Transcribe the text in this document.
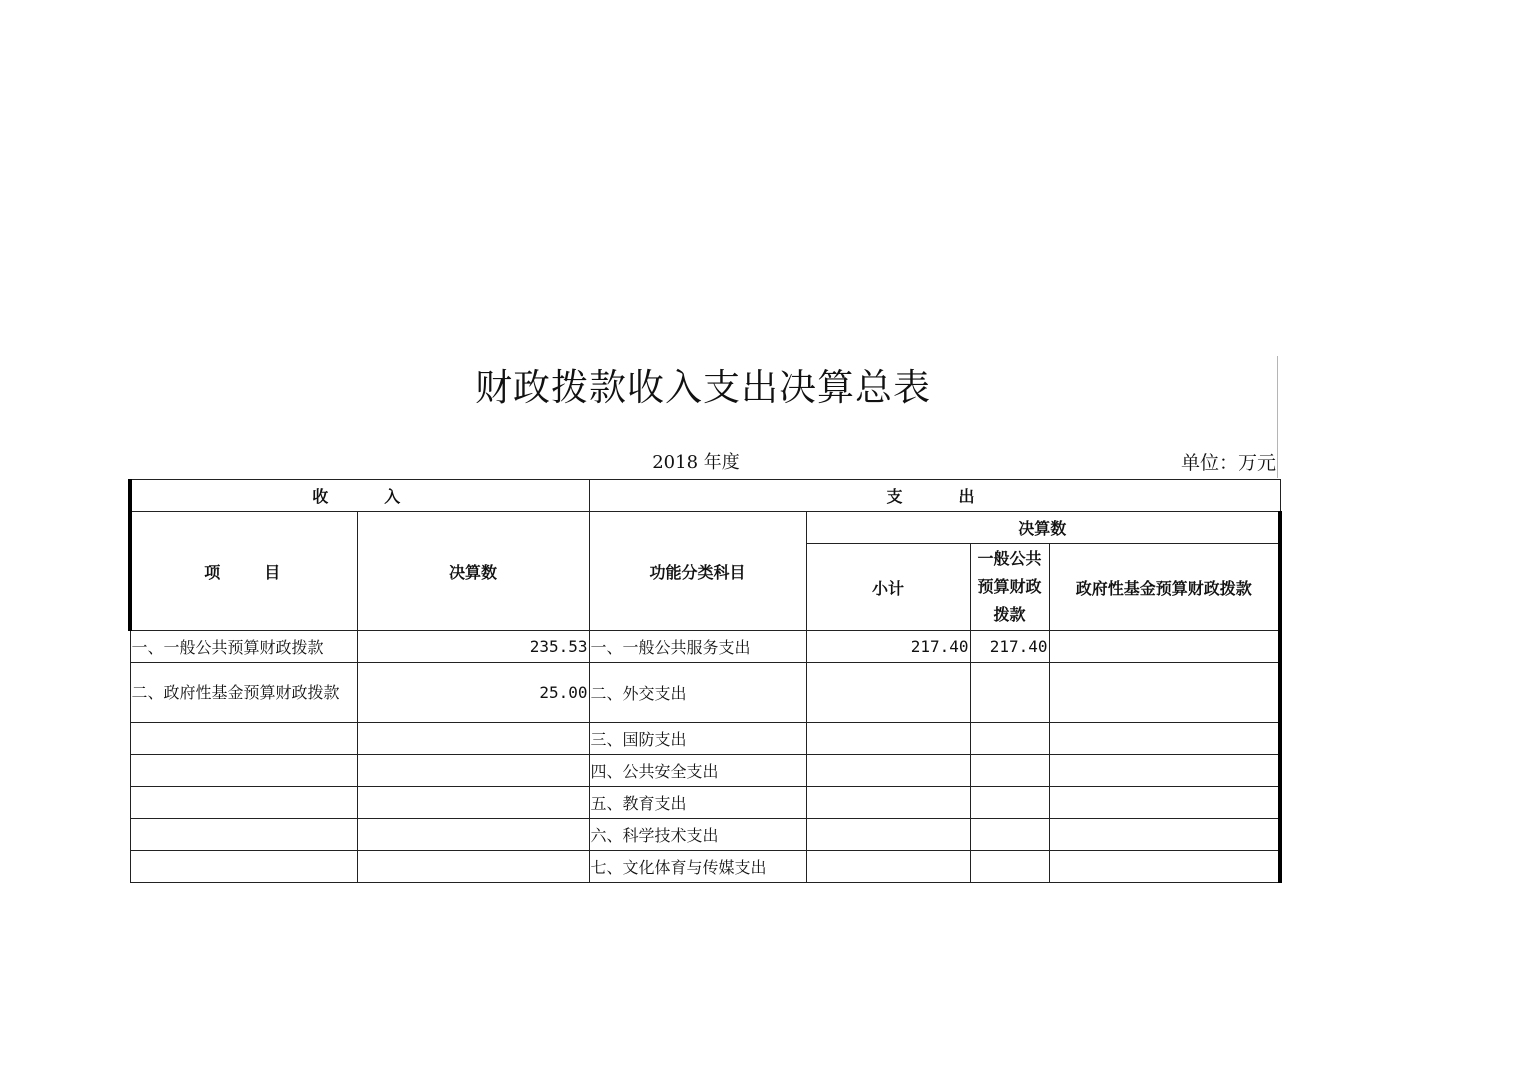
财政拨款收入支出决算总表
2018 年度	单位：万元
收　　入		支　　出			
项　　目	决算数	功能分类科目	决算数		
			小计	一般公共预算财政拨款	政府性基金预算财政拨款
一、一般公共预算财政拨款	235.53	一、一般公共服务支出	217.40	217.40	
二、政府性基金预算财政拨款	25.00	二、外交支出			
		三、国防支出			
		四、公共安全支出			
		五、教育支出			
		六、科学技术支出			
		七、文化体育与传媒支出			
